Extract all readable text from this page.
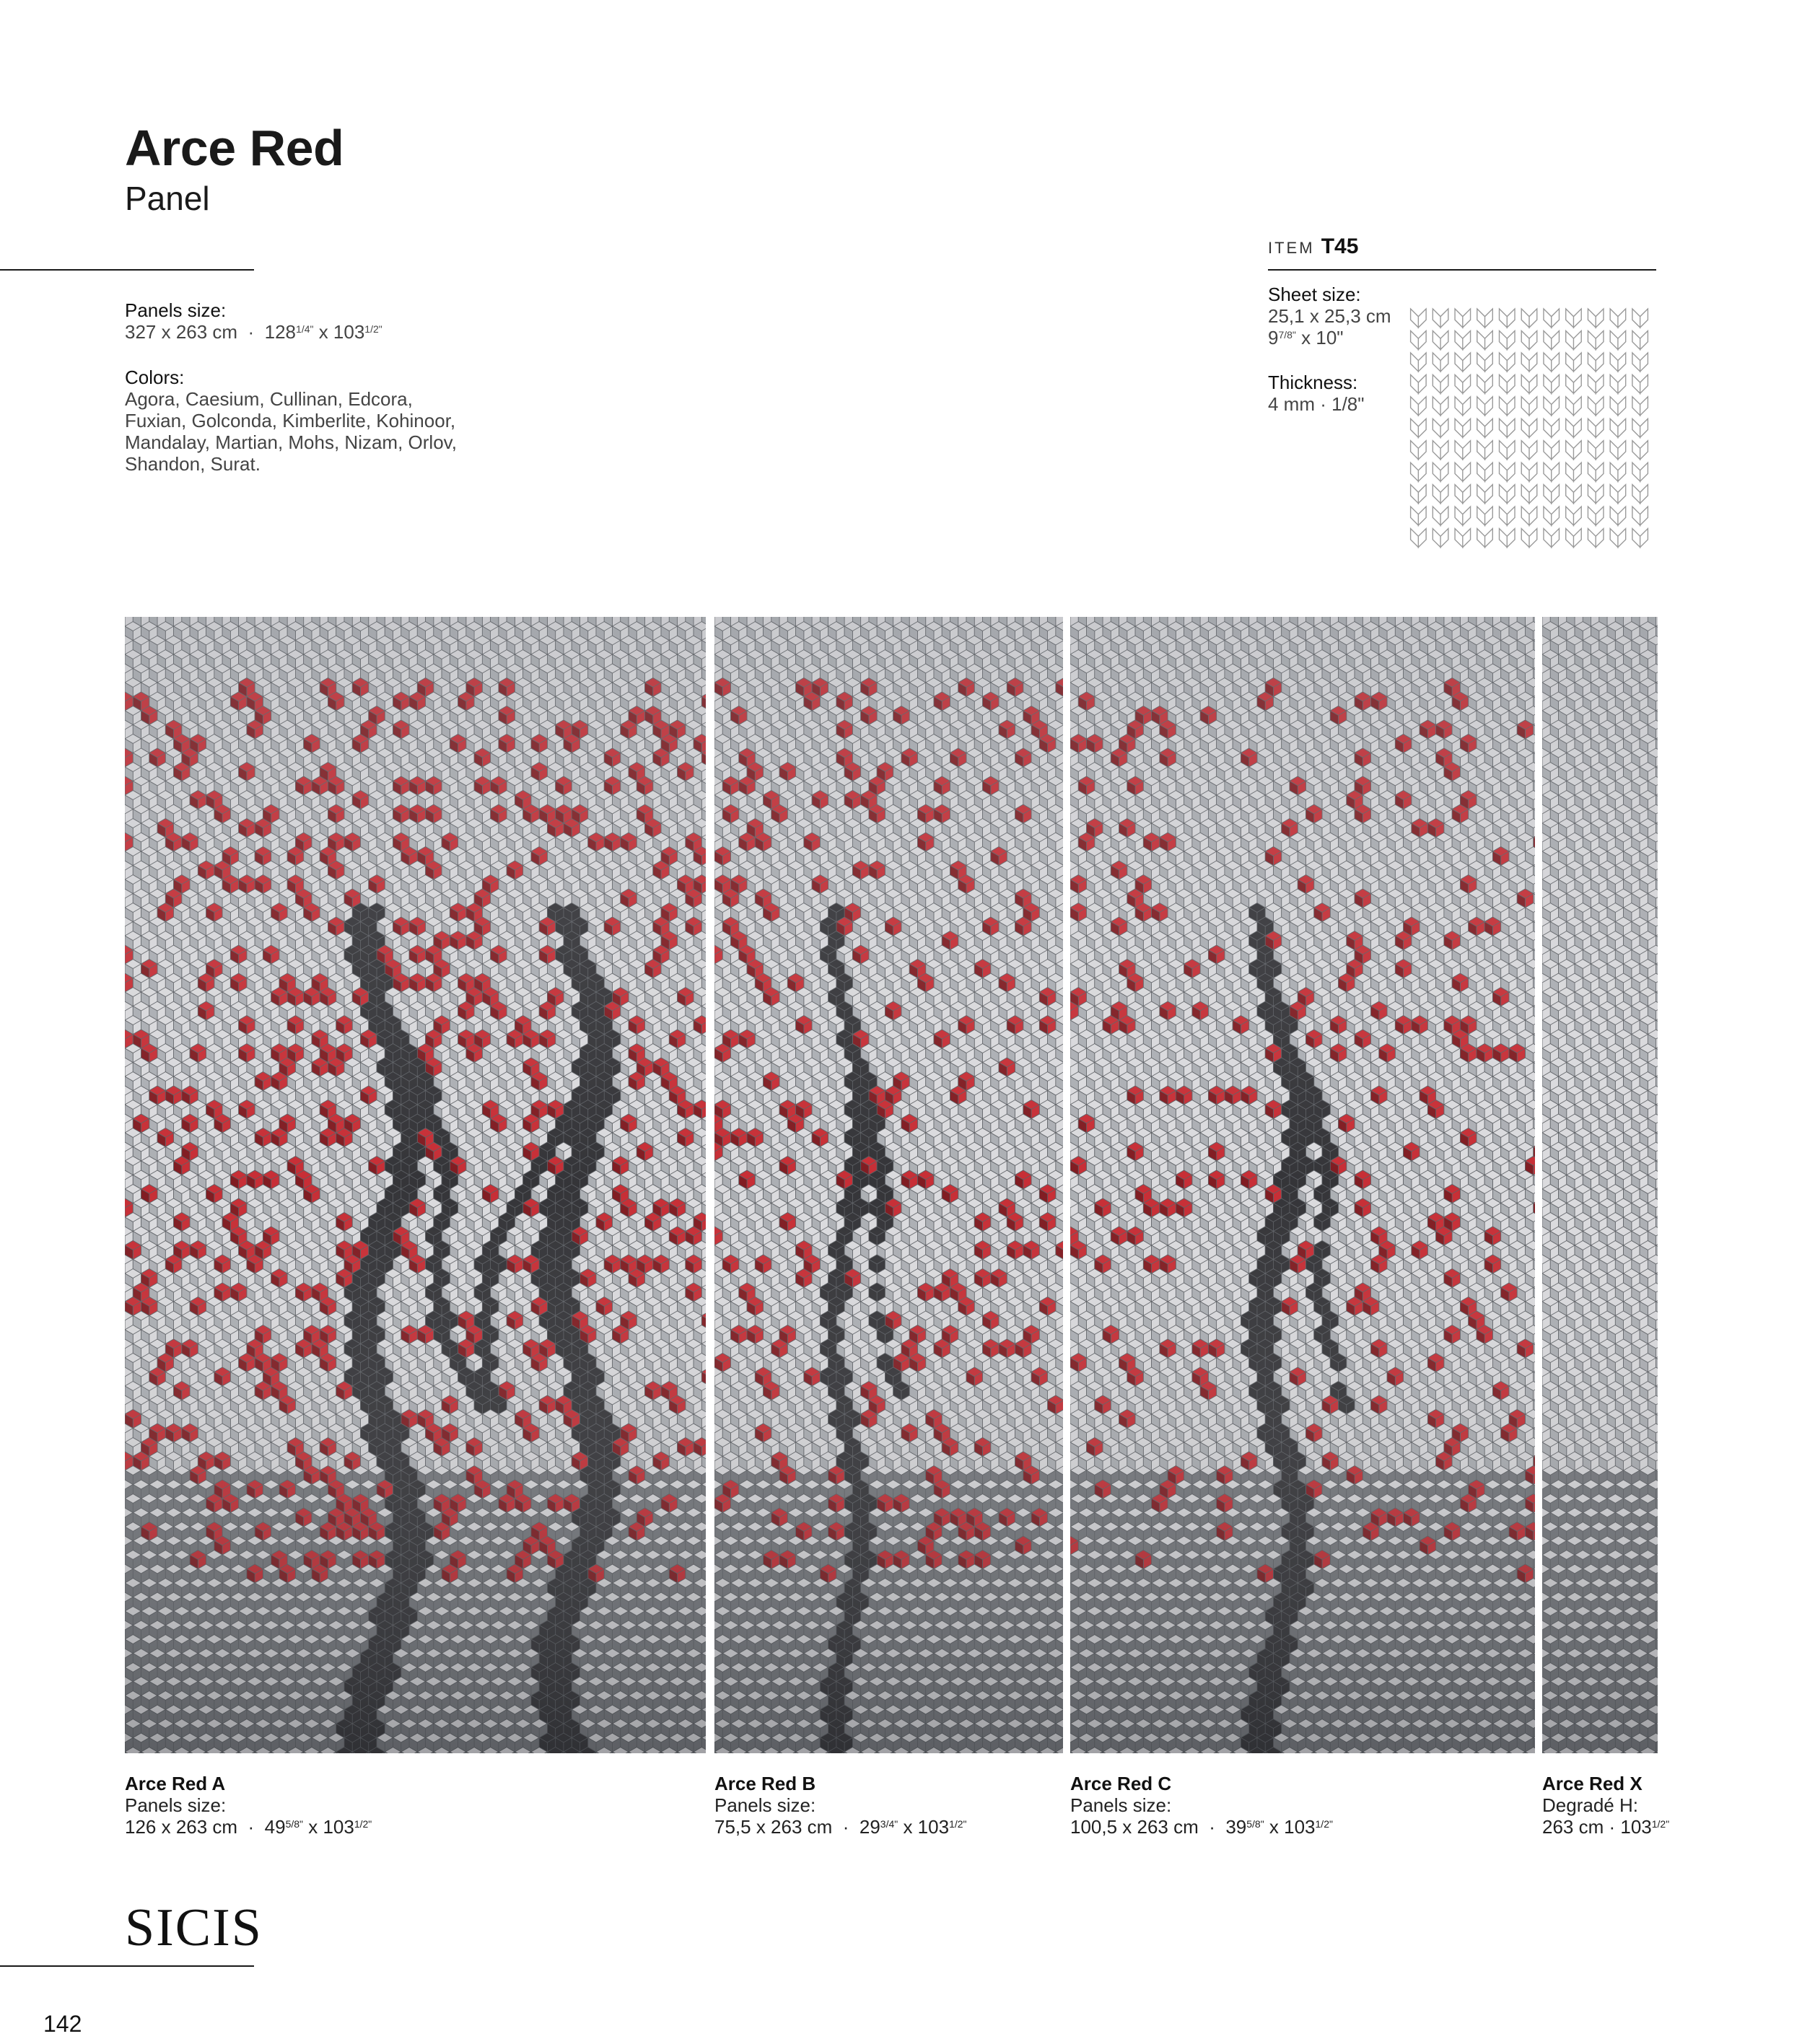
Arce Red
Panel
Panels size:
327 x 263 cm  ·  $128^{1/4"}$ x $103^{1/2"}$
Colors:
Agora, Caesium, Cullinan, Edcora,
Fuxian, Golconda, Kimberlite, Kohinoor,
Mandalay, Martian, Mohs, Nizam, Orlov,
Shandon, Surat.
ITEM T45
Sheet size:
25,1 x 25,3 cm
$9^{7/8"}$ x 10"
Thickness:
4 mm · 1/8"
Arce Red A
Panels size:
126 x 263 cm  ·  $49^{5/8"}$ x $103^{1/2"}$
Arce Red B
Panels size:
75,5 x 263 cm  ·  $29^{3/4"}$ x $103^{1/2"}$
Arce Red C
Panels size:
100,5 x 263 cm  ·  $39^{5/8"}$ x $103^{1/2"}$
Arce Red X
Degradé H:
263 cm · $103^{1/2"}$
SICIS
142
